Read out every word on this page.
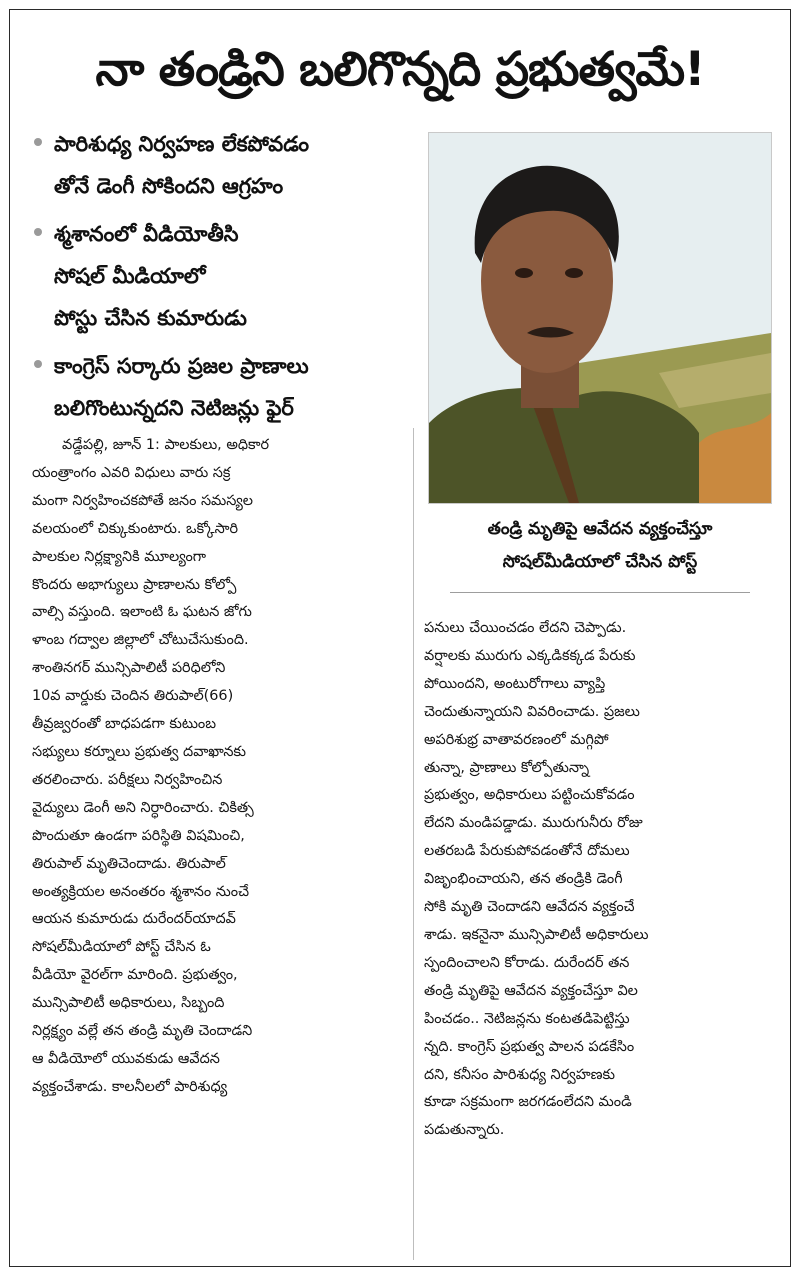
నా తండ్రిని బలిగొన్నది ప్రభుత్వమే!
పారిశుధ్య నిర్వహణ లేకపోవడం
తోనే డెంగీ సోకిందని ఆగ్రహం
శ్మశానంలో వీడియోతీసి
సోషల్ మీడియాలో
పోస్టు చేసిన కుమారుడు
కాంగ్రెస్ సర్కారు ప్రజల ప్రాణాలు
బలిగొంటున్నదని నెటిజన్లు ఫైర్
తండ్రి మృతిపై ఆవేదన వ్యక్తంచేస్తూ
సోషల్‌మీడియాలో చేసిన పోస్ట్
వడ్డేపల్లి, జూన్ 1: పాలకులు, అధికార
యంత్రాంగం ఎవరి విధులు వారు సక్ర
మంగా నిర్వహించకపోతే జనం సమస్యల
వలయంలో చిక్కుకుంటారు. ఒక్కోసారి
పాలకుల నిర్లక్ష్యానికి మూల్యంగా
కొందరు అభాగ్యులు ప్రాణాలను కోల్పో
వాల్సి వస్తుంది. ఇలాంటి ఓ ఘటన జోగు
ళాంబ గద్వాల జిల్లాలో చోటుచేసుకుంది.
శాంతినగర్ మున్సిపాలిటీ పరిధిలోని
10వ వార్డుకు చెందిన తిరుపాల్(66)
తీవ్రజ్వరంతో బాధపడగా కుటుంబ
సభ్యులు కర్నూలు ప్రభుత్వ దవాఖానకు
తరలించారు. పరీక్షలు నిర్వహించిన
వైద్యులు డెంగీ అని నిర్ధారించారు. చికిత్స
పొందుతూ ఉండగా పరిస్థితి విషమించి,
తిరుపాల్ మృతిచెందాడు. తిరుపాల్
అంత్యక్రియల అనంతరం శ్మశానం నుంచే
ఆయన కుమారుడు దురేందర్‌యాదవ్
సోషల్‌మీడియాలో పోస్ట్ చేసిన ఓ
వీడియో వైరల్‌గా మారింది. ప్రభుత్వం,
మున్సిపాలిటీ అధికారులు, సిబ్బంది
నిర్లక్ష్యం వల్లే తన తండ్రి మృతి చెందాడని
ఆ వీడియోలో యువకుడు ఆవేదన
వ్యక్తంచేశాడు. కాలనీలలో పారిశుధ్య
పనులు చేయించడం లేదని చెప్పాడు.
వర్షాలకు మురుగు ఎక్కడికక్కడ పేరుకు
పోయిందని, అంటురోగాలు వ్యాప్తి
చెందుతున్నాయని వివరించాడు. ప్రజలు
అపరిశుభ్ర వాతావరణంలో మగ్గిపో
తున్నా, ప్రాణాలు కోల్పోతున్నా
ప్రభుత్వం, అధికారులు పట్టించుకోవడం
లేదని మండిపడ్డాడు. మురుగునీరు రోజు
లతరబడి పేరుకుపోవడంతోనే దోమలు
విజృంభించాయని, తన తండ్రికి డెంగీ
సోకి మృతి చెందాడని ఆవేదన వ్యక్తంచే
శాడు. ఇకనైనా మున్సిపాలిటీ అధికారులు
స్పందించాలని కోరాడు. దురేందర్ తన
తండ్రి మృతిపై ఆవేదన వ్యక్తంచేస్తూ విల
పించడం.. నెటిజన్లను కంటతడిపెట్టిస్తు
న్నది. కాంగ్రెస్ ప్రభుత్వ పాలన పడకేసిం
దని, కనీసం పారిశుధ్య నిర్వహణకు
కూడా సక్రమంగా జరగడంలేదని మండి
పడుతున్నారు.
